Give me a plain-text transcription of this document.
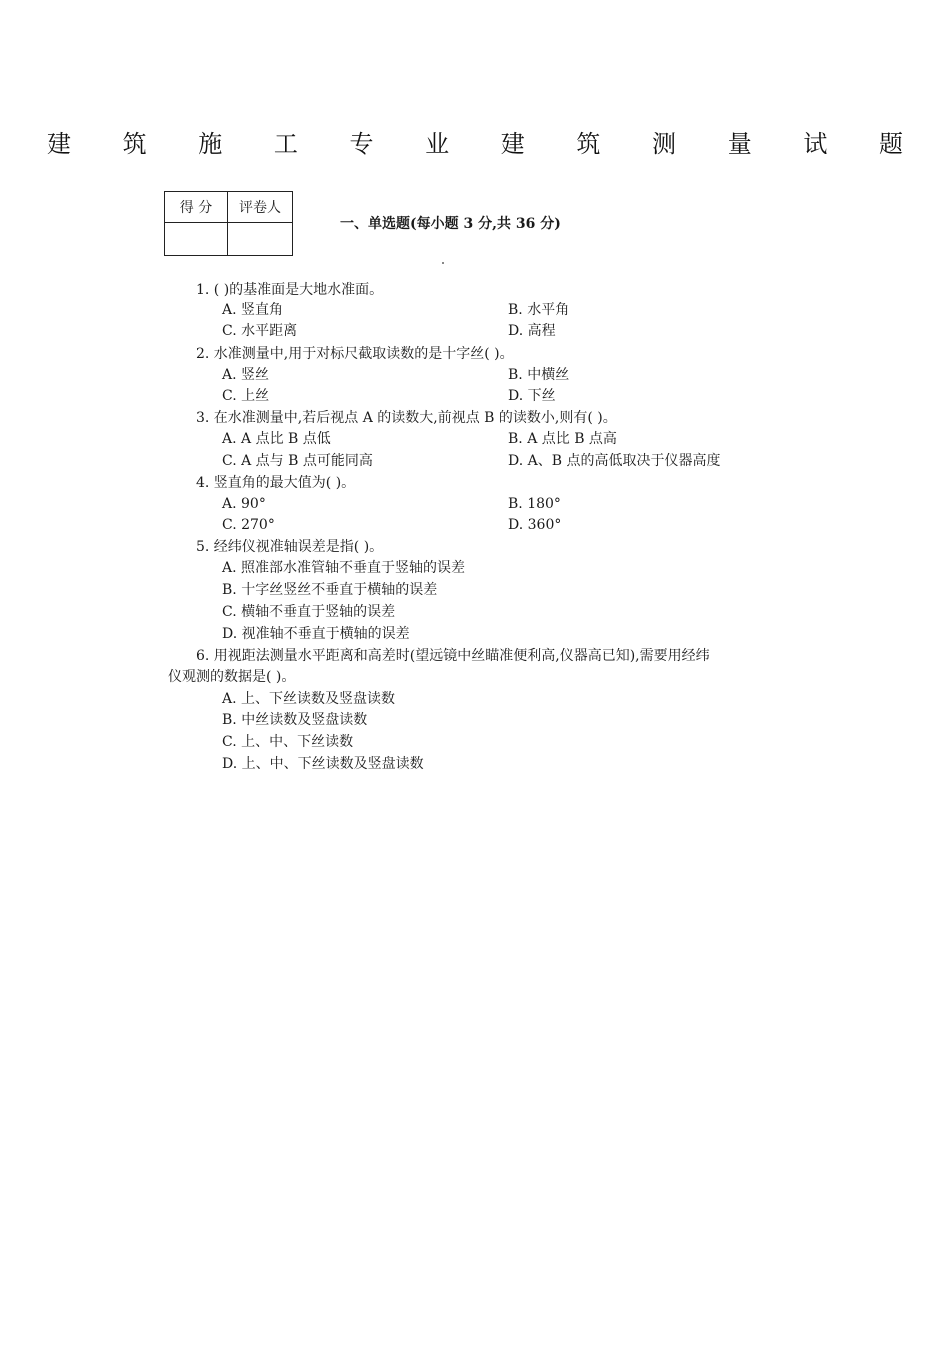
建 筑 施 工 专 业 建 筑 测 量 试 题
得 分	评卷人

一、单选题(每小题 3 分,共 36 分)
1. ( )的基准面是大地水准面。
A. 竖直角	B. 水平角
C. 水平距离	D. 高程
2. 水准测量中,用于对标尺截取读数的是十字丝( )。
A. 竖丝	B. 中横丝
C. 上丝	D. 下丝
3. 在水准测量中,若后视点 A 的读数大,前视点 B 的读数小,则有( )。
A. A 点比 B 点低	B. A 点比 B 点高
C. A 点与 B 点可能同高	D. A、B 点的高低取决于仪器高度
4. 竖直角的最大值为( )。
A. 90°	B. 180°
C. 270°	D. 360°
5. 经纬仪视准轴误差是指( )。
A. 照准部水准管轴不垂直于竖轴的误差
B. 十字丝竖丝不垂直于横轴的误差
C. 横轴不垂直于竖轴的误差
D. 视准轴不垂直于横轴的误差
6. 用视距法测量水平距离和高差时(望远镜中丝瞄准便利高,仪器高已知),需要用经纬
仪观测的数据是( )。
A. 上、下丝读数及竖盘读数
B. 中丝读数及竖盘读数
C. 上、中、下丝读数
D. 上、中、下丝读数及竖盘读数
